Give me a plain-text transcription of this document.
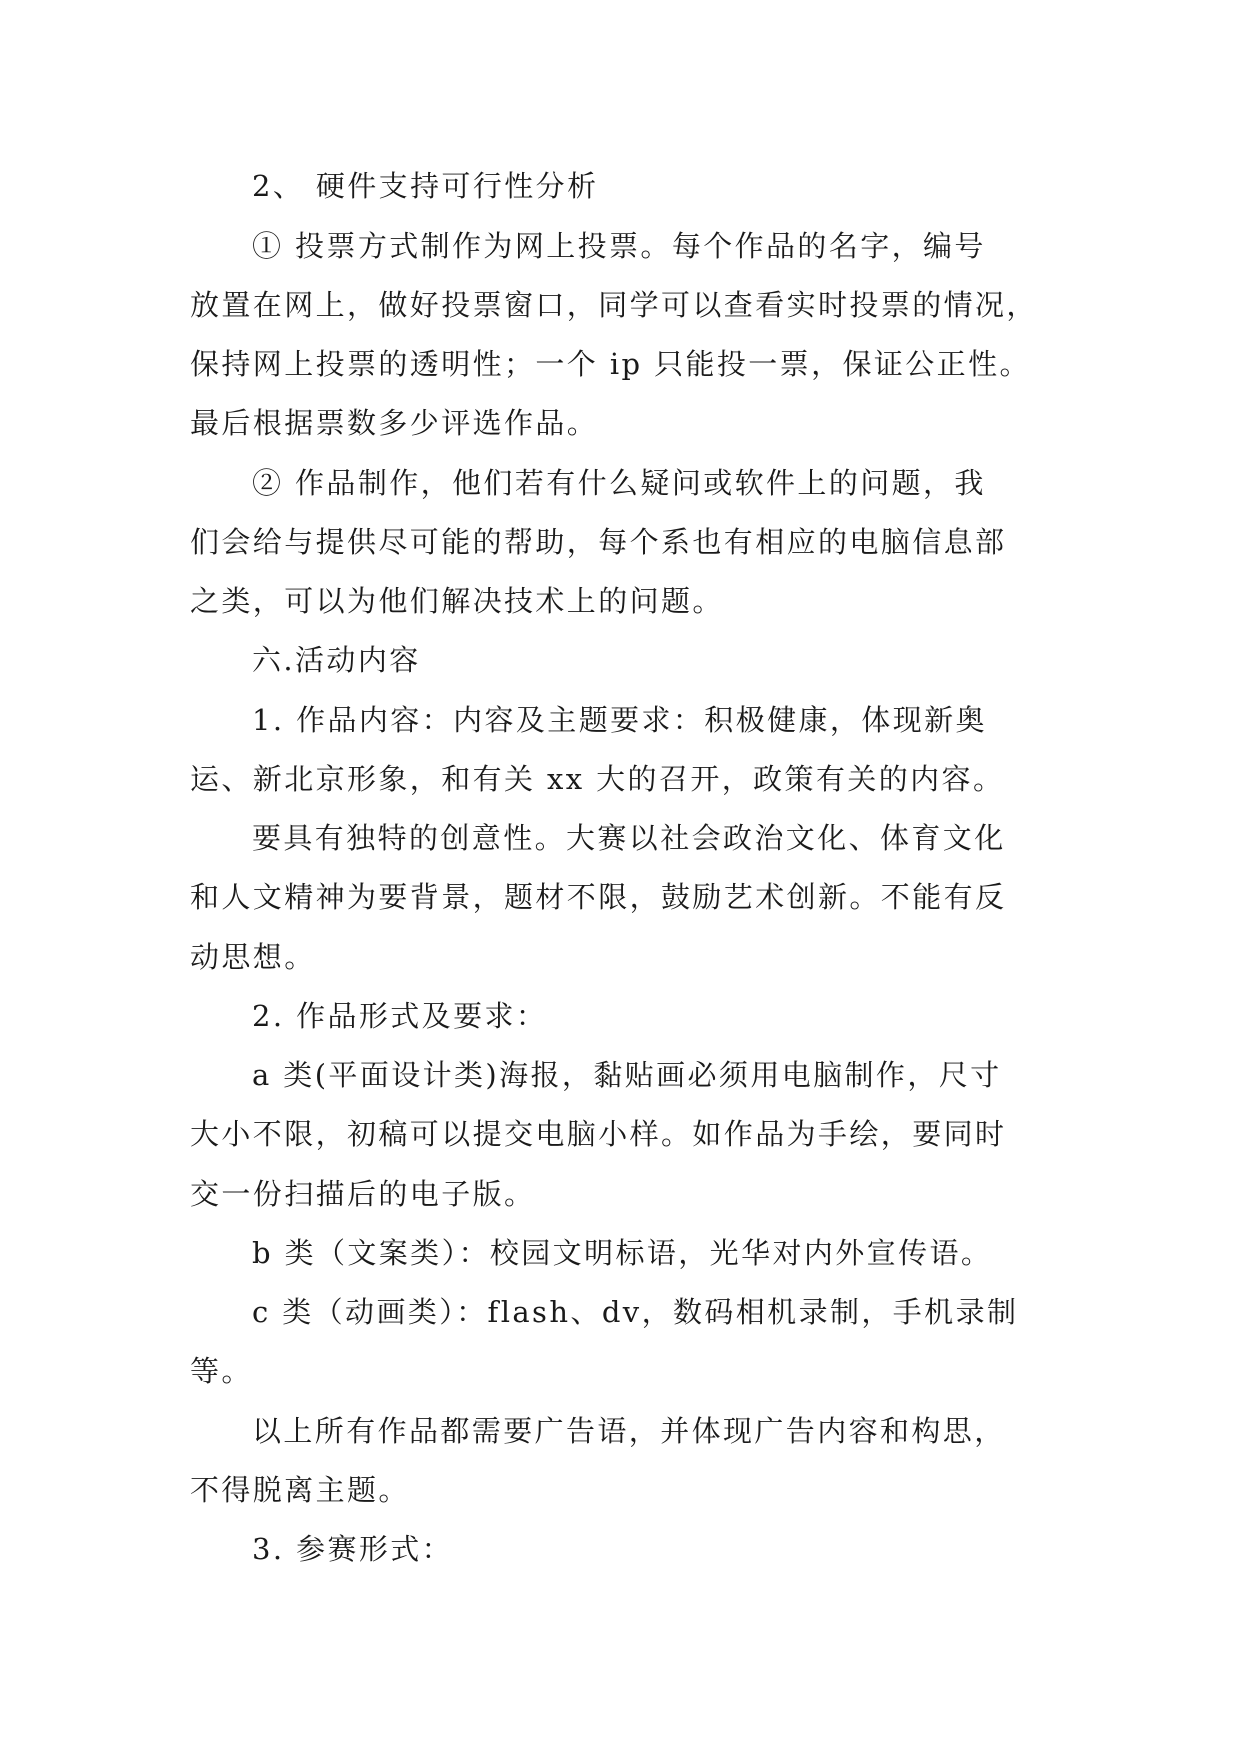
2、 硬件支持可行性分析

① 投票方式制作为网上投票。每个作品的名字，编号

放置在网上，做好投票窗口，同学可以查看实时投票的情况，

保持网上投票的透明性；一个 ip 只能投一票，保证公正性。

最后根据票数多少评选作品。

② 作品制作，他们若有什么疑问或软件上的问题，我

们会给与提供尽可能的帮助，每个系也有相应的电脑信息部

之类，可以为他们解决技术上的问题。

六.活动内容

1. 作品内容：内容及主题要求：积极健康，体现新奥

运、新北京形象，和有关 xx 大的召开，政策有关的内容。

要具有独特的创意性。大赛以社会政治文化、体育文化

和人文精神为要背景，题材不限，鼓励艺术创新。不能有反

动思想。

2. 作品形式及要求：

a 类(平面设计类)海报，黏贴画必须用电脑制作，尺寸

大小不限，初稿可以提交电脑小样。如作品为手绘，要同时

交一份扫描后的电子版。

b 类（文案类）：校园文明标语，光华对内外宣传语。

c 类（动画类）：flash、dv，数码相机录制，手机录制

等。

以上所有作品都需要广告语，并体现广告内容和构思，

不得脱离主题。

3. 参赛形式：
